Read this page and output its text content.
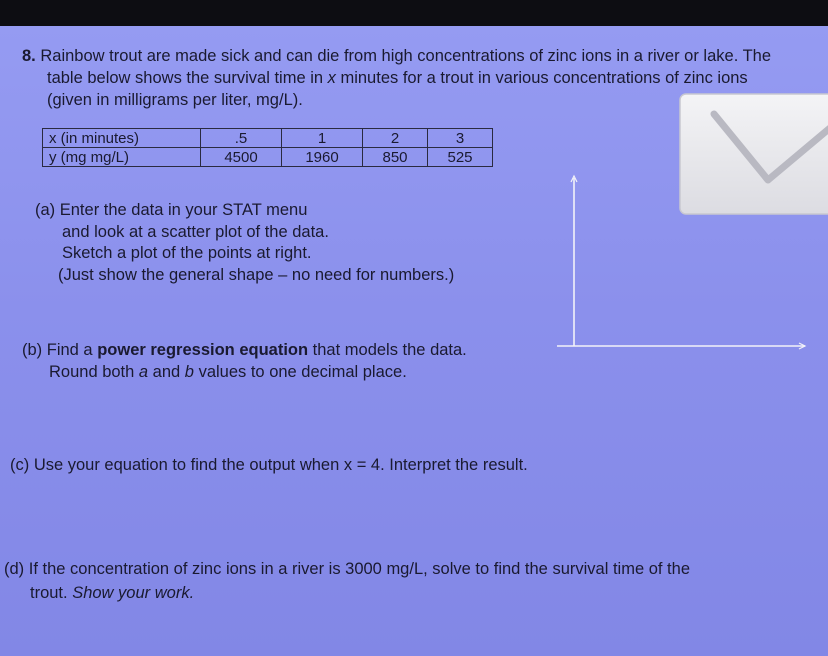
8. Rainbow trout are made sick and can die from high concentrations of zinc ions in a river or lake. The
table below shows the survival time in x minutes for a trout in various concentrations of zinc ions
(given in milligrams per liter, mg/L).
x (in minutes)	.5	1	2	3
y (mg mg/L)	4500	1960	850	525
(a) Enter the data in your STAT menu
and look at a scatter plot of the data.
Sketch a plot of the points at right.
(Just show the general shape – no need for numbers.)
(b) Find a power regression equation that models the data.
Round both a and b values to one decimal place.
(c) Use your equation to find the output when x = 4. Interpret the result.
(d) If the concentration of zinc ions in a river is 3000 mg/L, solve to find the survival time of the
trout. Show your work.
